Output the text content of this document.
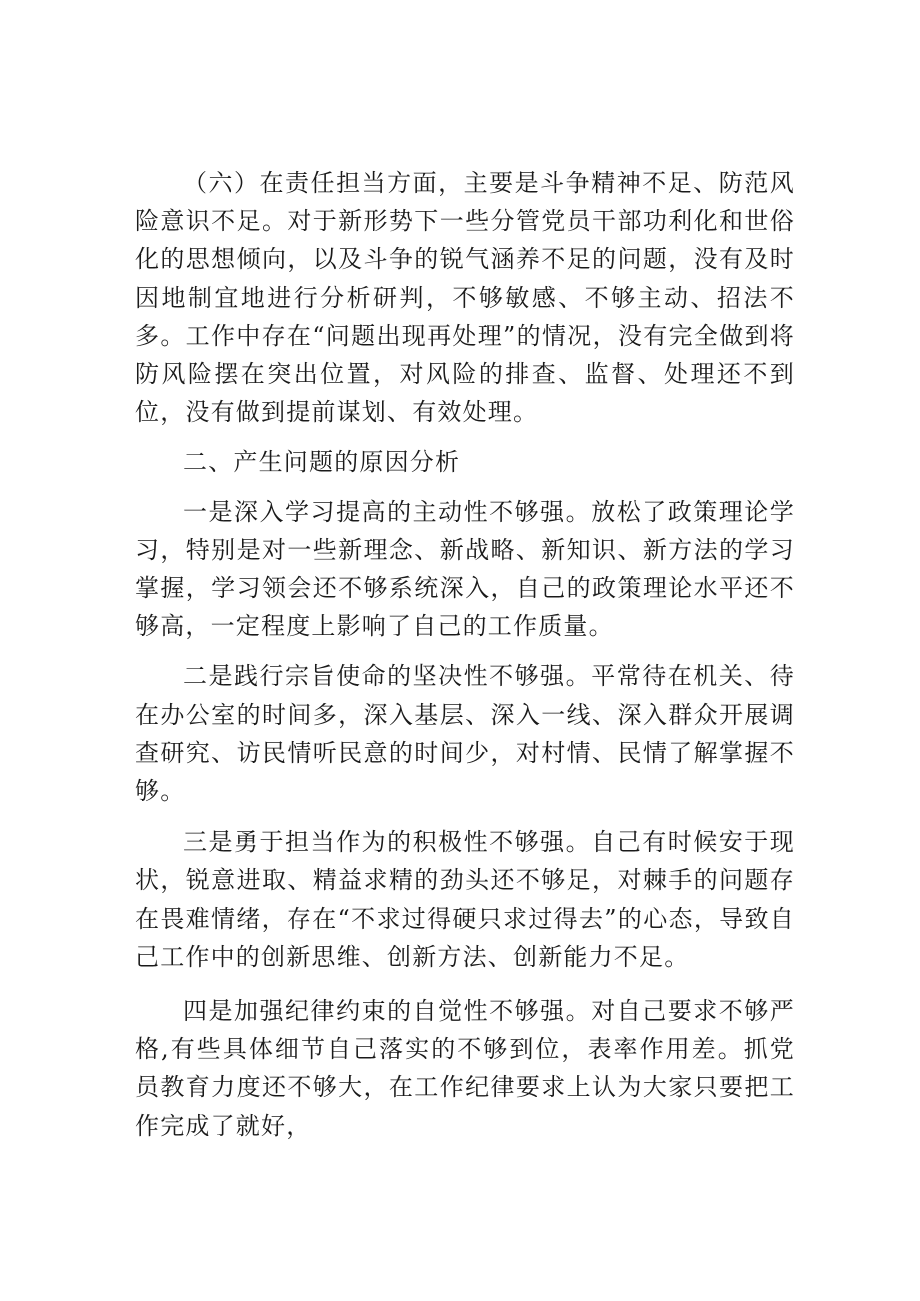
（六）在责任担当方面，主要是斗争精神不足、防范风险意识不足。对于新形势下一些分管党员干部功利化和世俗化的思想倾向，以及斗争的锐气涵养不足的问题，没有及时因地制宜地进行分析研判，不够敏感、不够主动、招法不多。工作中存在“问题出现再处理”的情况，没有完全做到将防风险摆在突出位置，对风险的排查、监督、处理还不到位，没有做到提前谋划、有效处理。

二、产生问题的原因分析

一是深入学习提高的主动性不够强。放松了政策理论学习，特别是对一些新理念、新战略、新知识、新方法的学习掌握，学习领会还不够系统深入，自己的政策理论水平还不够高，一定程度上影响了自己的工作质量。

二是践行宗旨使命的坚决性不够强。平常待在机关、待在办公室的时间多，深入基层、深入一线、深入群众开展调查研究、访民情听民意的时间少，对村情、民情了解掌握不够。

三是勇于担当作为的积极性不够强。自己有时候安于现状，锐意进取、精益求精的劲头还不够足，对棘手的问题存在畏难情绪，存在“不求过得硬只求过得去”的心态，导致自己工作中的创新思维、创新方法、创新能力不足。

四是加强纪律约束的自觉性不够强。对自己要求不够严格,有些具体细节自己落实的不够到位，表率作用差。抓党员教育力度还不够大，在工作纪律要求上认为大家只要把工作完成了就好，
